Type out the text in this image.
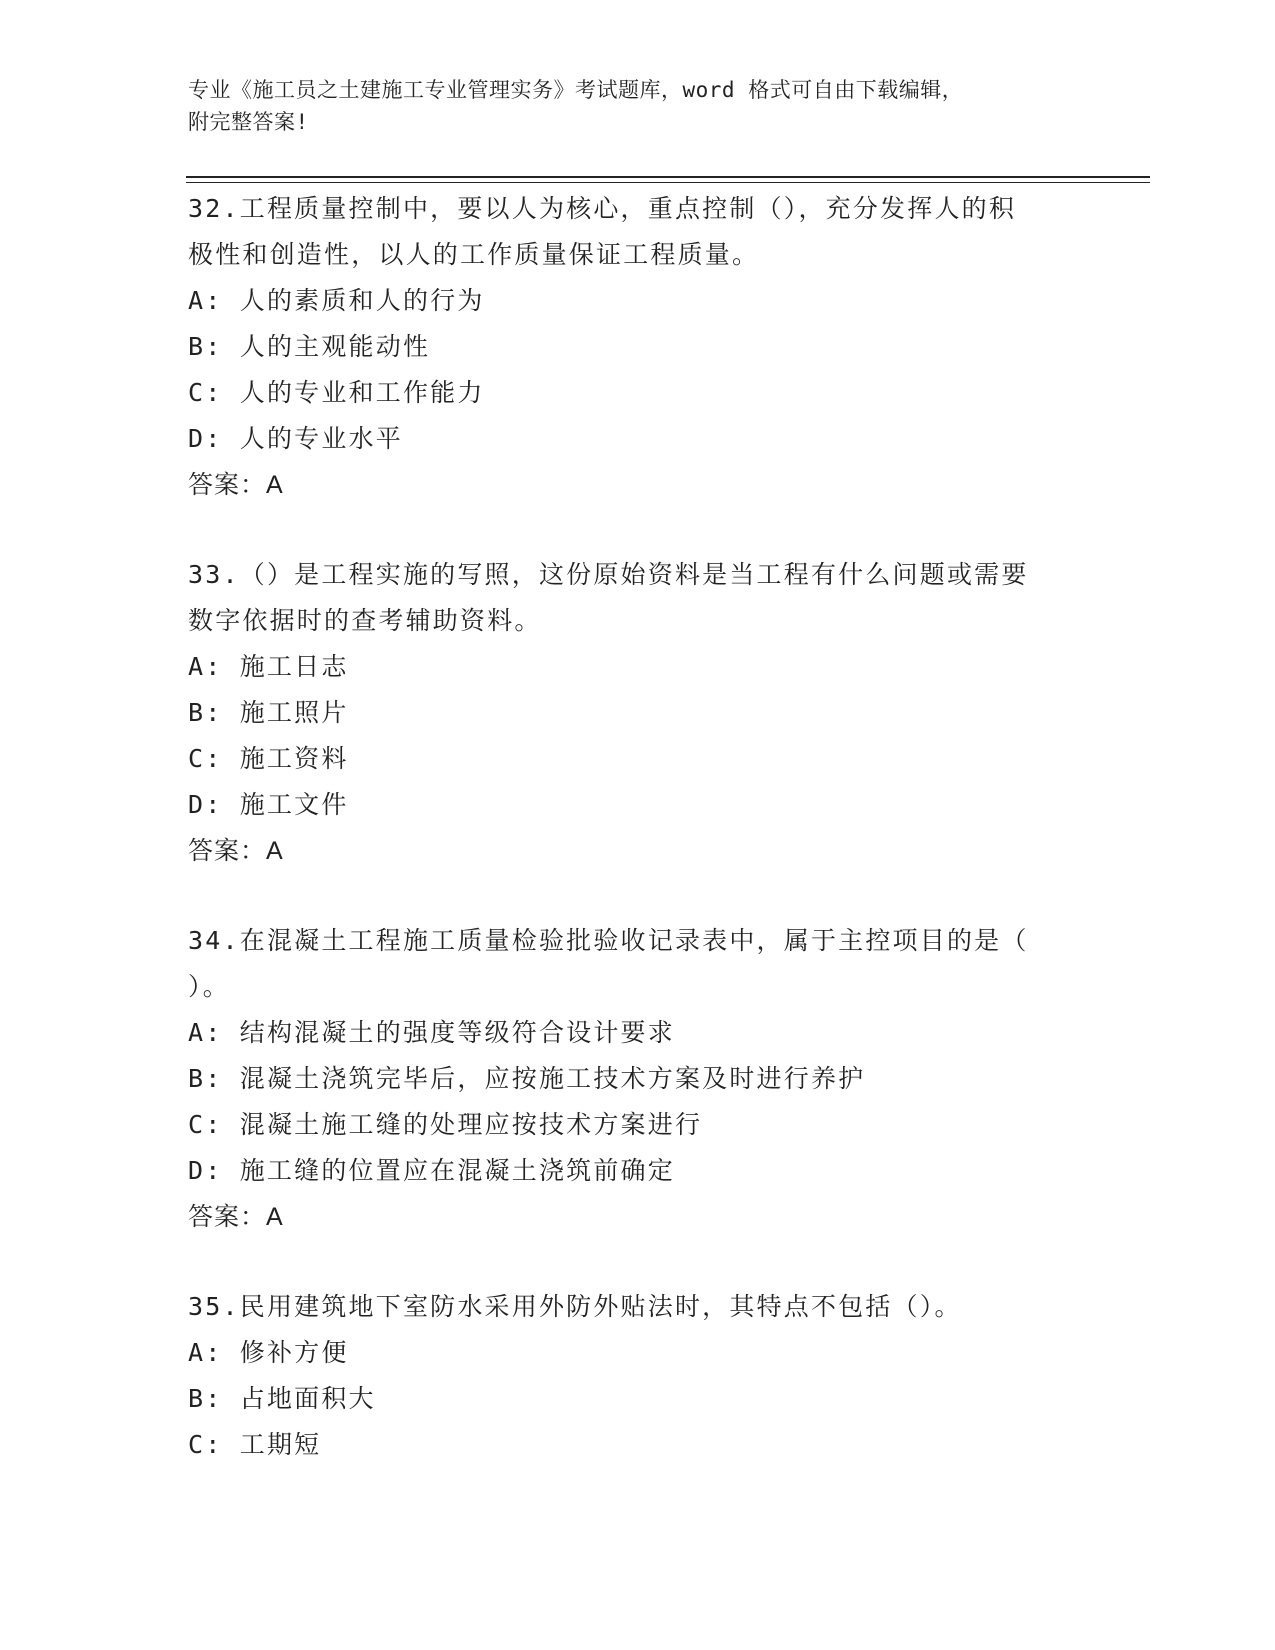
专业《施工员之土建施工专业管理实务》考试题库，word 格式可自由下载编辑，
附完整答案!

32.工程质量控制中，要以人为核心，重点控制（），充分发挥人的积

极性和创造性，以人的工作质量保证工程质量。

A: 人的素质和人的行为

B: 人的主观能动性

C: 人的专业和工作能力

D: 人的专业水平

答案：A

33.（）是工程实施的写照，这份原始资料是当工程有什么问题或需要

数字依据时的查考辅助资料。

A: 施工日志

B: 施工照片

C: 施工资料

D: 施工文件

答案：A

34.在混凝土工程施工质量检验批验收记录表中，属于主控项目的是（

）。

A: 结构混凝土的强度等级符合设计要求

B: 混凝土浇筑完毕后，应按施工技术方案及时进行养护

C: 混凝土施工缝的处理应按技术方案进行

D: 施工缝的位置应在混凝土浇筑前确定

答案：A

35.民用建筑地下室防水采用外防外贴法时，其特点不包括（）。

A: 修补方便

B: 占地面积大

C: 工期短
